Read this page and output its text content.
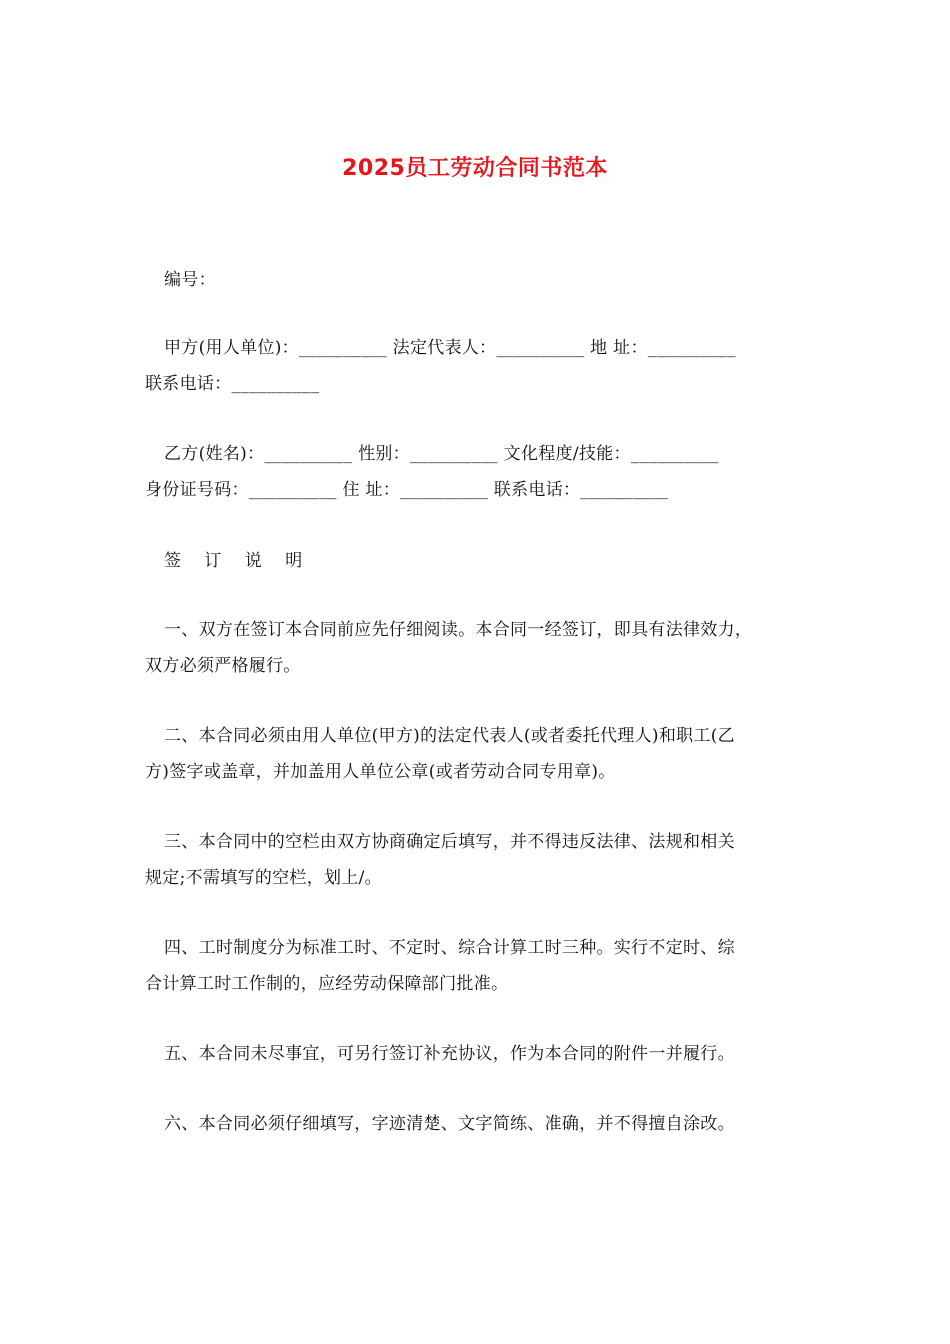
2025员工劳动合同书范本
编号：
甲方(用人单位)：__________ 法定代表人：__________ 地 址：__________
联系电话：__________
乙方(姓名)：__________ 性别：__________ 文化程度/技能：__________
身份证号码：__________ 住 址：__________ 联系电话：__________
签 订 说 明
一、双方在签订本合同前应先仔细阅读。本合同一经签订，即具有法律效力，
双方必须严格履行。
二、本合同必须由用人单位(甲方)的法定代表人(或者委托代理人)和职工(乙
方)签字或盖章，并加盖用人单位公章(或者劳动合同专用章)。
三、本合同中的空栏由双方协商确定后填写，并不得违反法律、法规和相关
规定;不需填写的空栏，划上/。
四、工时制度分为标准工时、不定时、综合计算工时三种。实行不定时、综
合计算工时工作制的，应经劳动保障部门批准。
五、本合同未尽事宜，可另行签订补充协议，作为本合同的附件一并履行。
六、本合同必须仔细填写，字迹清楚、文字简练、准确，并不得擅自涂改。
